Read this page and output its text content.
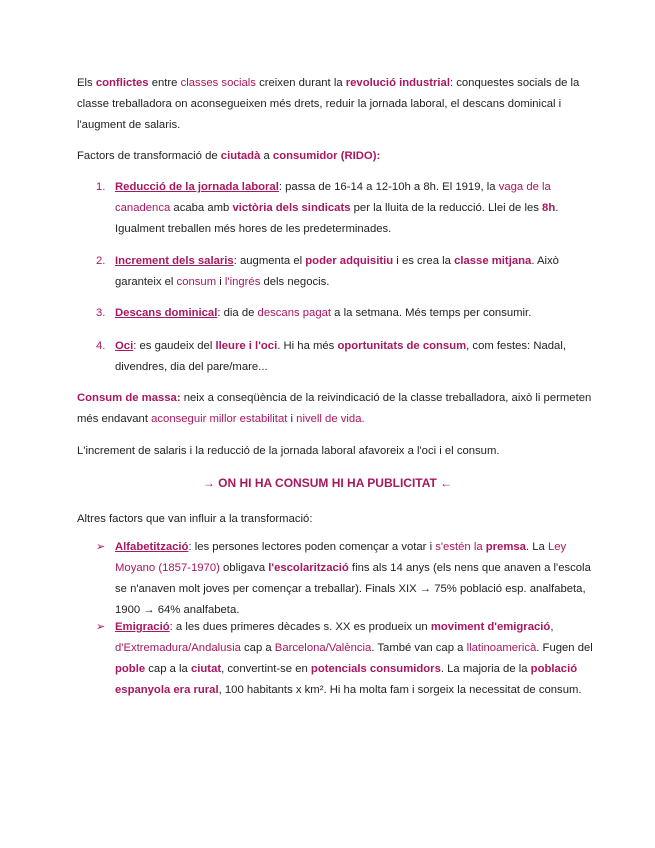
Els conflictes entre classes socials creixen durant la revolució industrial: conquestes socials de la classe treballadora on aconsegueixen més drets, reduir la jornada laboral, el descans dominical i l'augment de salaris.

Factors de transformació de ciutadà a consumidor (RIDO):

1. Reducció de la jornada laboral: passa de 16-14 a 12-10h a 8h. El 1919, la vaga de la canadenca acaba amb victòria dels sindicats per la lluita de la reducció. Llei de les 8h. Igualment treballen més hores de les predeterminades.
2. Increment dels salaris: augmenta el poder adquisitiu i es crea la classe mitjana. Això garanteix el consum i l'ingrés dels negocis.
3. Descans dominical: dia de descans pagat a la setmana. Més temps per consumir.
4. Oci: es gaudeix del lleure i l'oci. Hi ha més oportunitats de consum, com festes: Nadal, divendres, dia del pare/mare...

Consum de massa: neix a conseqüència de la reivindicació de la classe treballadora, això li permeten més endavant aconseguir millor estabilitat i nivell de vida.

L'increment de salaris i la reducció de la jornada laboral afavoreix a l'oci i el consum.

→ ON HI HA CONSUM HI HA PUBLICITAT ←

Altres factors que van influir a la transformació:

➢ Alfabetització: les persones lectores poden començar a votar i s'estén la premsa. La Ley Moyano (1857-1970) obligava l'escolarització fins als 14 anys (els nens que anaven a l'escola se n'anaven molt joves per començar a treballar). Finals XIX → 75% població esp. analfabeta, 1900 → 64% analfabeta.
➢ Emigració: a les dues primeres dècades s. XX es produeix un moviment d'emigració, d'Extremadura/Andalusia cap a Barcelona/València. També van cap a llatinoamericà. Fugen del poble cap a la ciutat, convertint-se en potencials consumidors. La majoria de la població espanyola era rural, 100 habitants x km². Hi ha molta fam i sorgeix la necessitat de consum.
